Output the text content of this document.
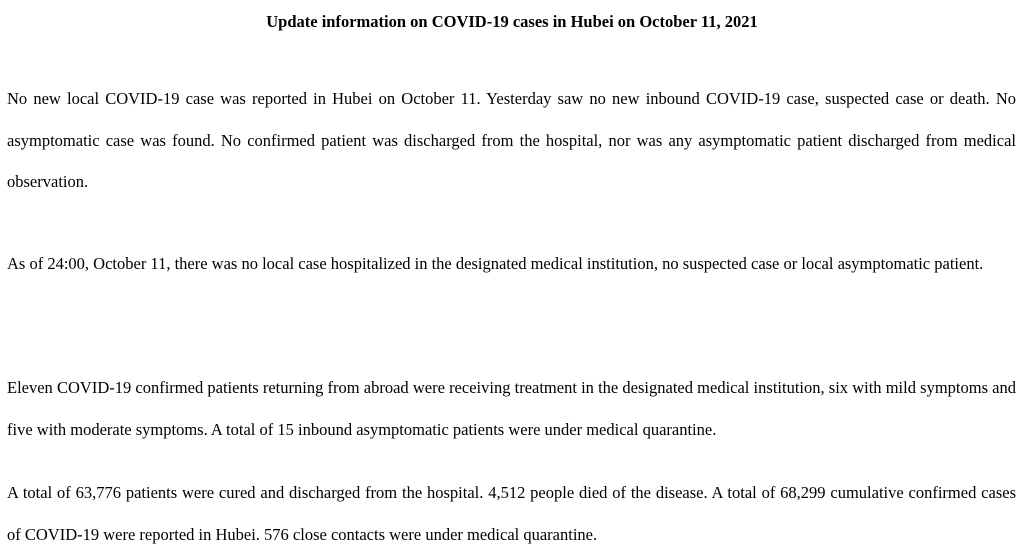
Update information on COVID-19 cases in Hubei on October 11, 2021

No new local COVID-19 case was reported in Hubei on October 11. Yesterday saw no new inbound COVID-19 case, suspected case or death. No asymptomatic case was found. No confirmed patient was discharged from the hospital, nor was any asymptomatic patient discharged from medical observation.

As of 24:00, October 11, there was no local case hospitalized in the designated medical institution, no suspected case or local asymptomatic patient.

Eleven COVID-19 confirmed patients returning from abroad were receiving treatment in the designated medical institution, six with mild symptoms and five with moderate symptoms. A total of 15 inbound asymptomatic patients were under medical quarantine.

A total of 63,776 patients were cured and discharged from the hospital. 4,512 people died of the disease. A total of 68,299 cumulative confirmed cases of COVID-19 were reported in Hubei. 576 close contacts were under medical quarantine.
